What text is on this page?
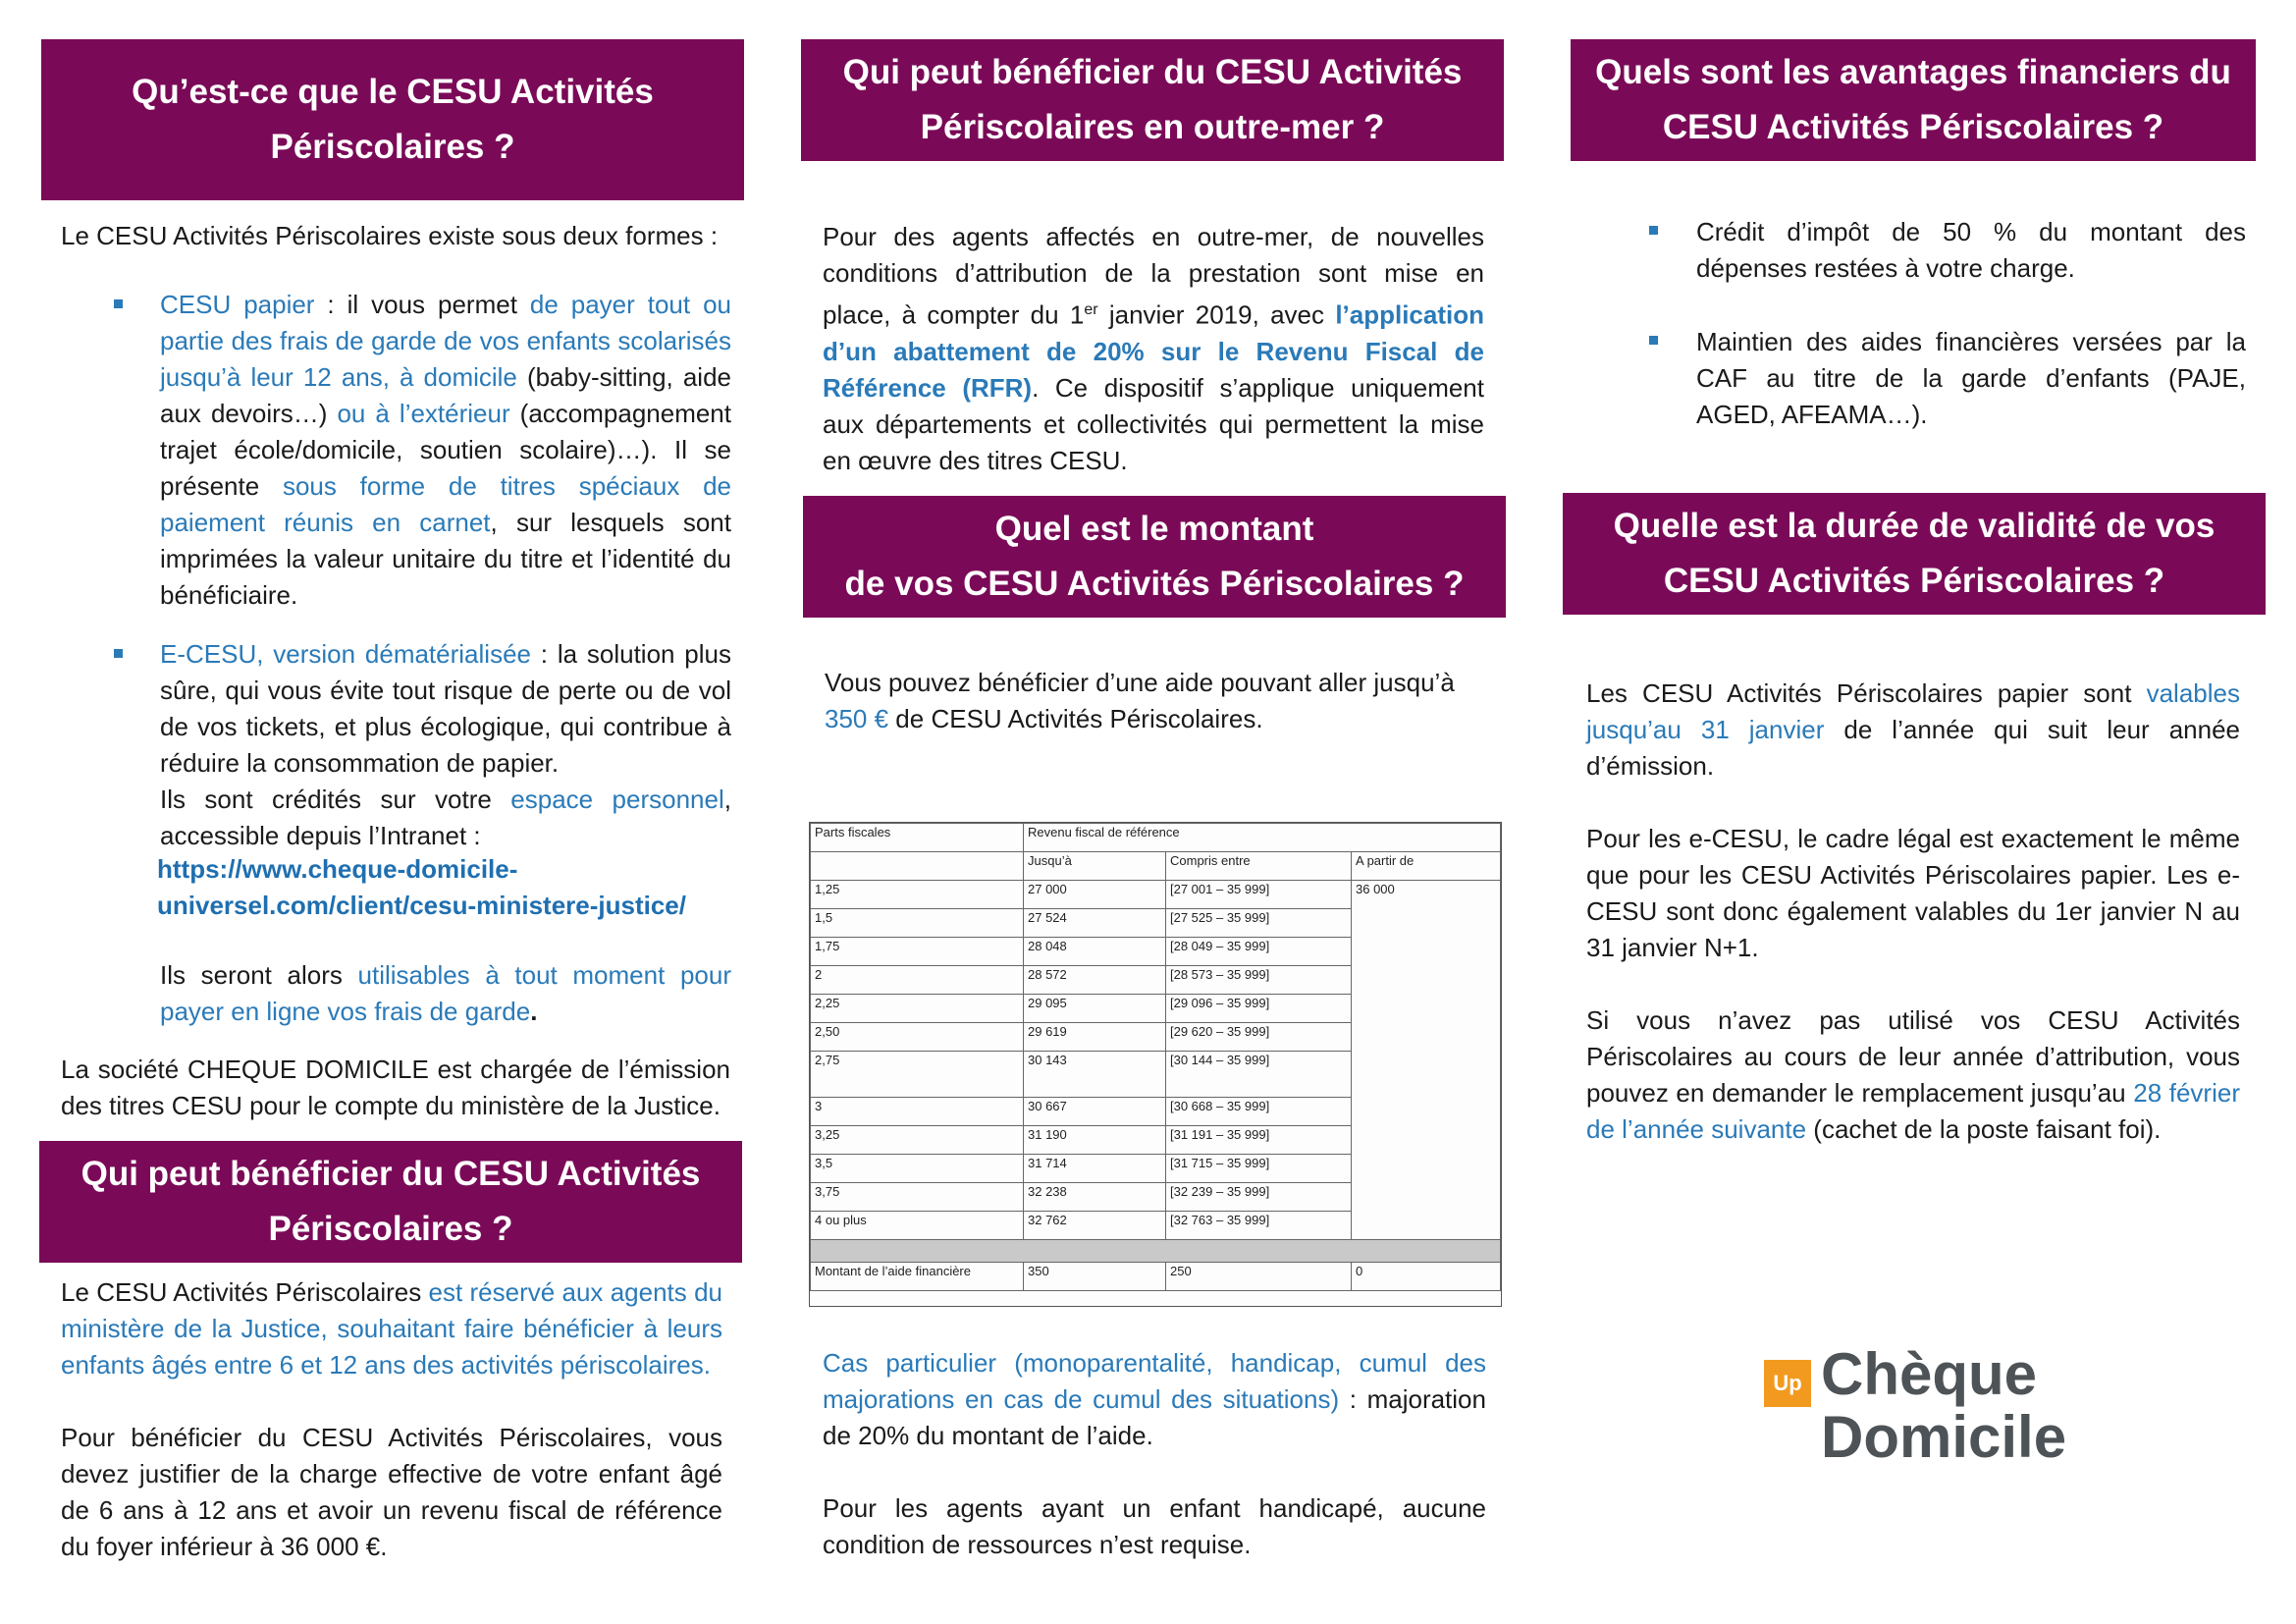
Qu’est-ce que le CESU Activités
Périscolaires ?

Le CESU Activités Périscolaires existe sous deux formes :

CESU papier : il vous permet de payer tout ou partie des frais de garde de vos enfants scolarisés jusqu’à leur 12 ans, à domicile (baby-sitting, aide aux devoirs…) ou à l’extérieur (accompagnement trajet école/domicile, soutien scolaire)…). Il se présente sous forme de titres spéciaux de paiement réunis en carnet, sur lesquels sont imprimées la valeur unitaire du titre et l’identité du bénéficiaire.

E-CESU, version dématérialisée : la solution plus sûre, qui vous évite tout risque de perte ou de vol de vos tickets, et plus écologique, qui contribue à réduire la consommation de papier.

Ils sont crédités sur votre espace personnel, accessible depuis l’Intranet :

https://www.cheque-domicile-
universel.com/client/cesu-ministere-justice/

Ils seront alors utilisables à tout moment pour payer en ligne vos frais de garde.

La société CHEQUE DOMICILE est chargée de l’émission des titres CESU pour le compte du ministère de la Justice.

Qui peut bénéficier du CESU Activités
Périscolaires ?

Le CESU Activités Périscolaires est réservé aux agents du ministère de la Justice, souhaitant faire bénéficier à leurs enfants âgés entre 6 et 12 ans des activités périscolaires.

Pour bénéficier du CESU Activités Périscolaires, vous devez justifier de la charge effective de votre enfant âgé de 6 ans à 12 ans et avoir un revenu fiscal de référence du foyer inférieur à 36 000 €.

Qui peut bénéficier du CESU Activités
Périscolaires en outre-mer ?

Pour des agents affectés en outre-mer, de nouvelles conditions d’attribution de la prestation sont mise en place, à compter du 1er janvier 2019, avec l’application d’un abattement de 20% sur le Revenu Fiscal de Référence (RFR). Ce dispositif s’applique uniquement aux départements et collectivités qui permettent la mise en œuvre des titres CESU.

Quel est le montant
de vos CESU Activités Périscolaires ?

Vous pouvez bénéficier d’une aide pouvant aller jusqu’à 350 € de CESU Activités Périscolaires.

Parts fiscales	Revenu fiscal de référence		
	Jusqu’à	Compris entre	A partir de
1,25	27 000	[27 001 – 35 999]	36 000
1,5	27 524	[27 525 – 35 999]	
1,75	28 048	[28 049 – 35 999]	
2	28 572	[28 573 – 35 999]	
2,25	29 095	[29 096 – 35 999]	
2,50	29 619	[29 620 – 35 999]	
2,75	30 143	[30 144 – 35 999]	
3	30 667	[30 668 – 35 999]	
3,25	31 190	[31 191 – 35 999]	
3,5	31 714	[31 715 – 35 999]	
3,75	32 238	[32 239 – 35 999]	
4 ou plus	32 762	[32 763 – 35 999]	

Montant de l’aide financière	350	250	0

Cas particulier (monoparentalité, handicap, cumul des majorations en cas de cumul des situations) : majoration de 20% du montant de l’aide.

Pour les agents ayant un enfant handicapé, aucune condition de ressources n’est requise.

Quels sont les avantages financiers du
CESU Activités Périscolaires ?

Crédit d’impôt de 50 % du montant des dépenses restées à votre charge.

Maintien des aides financières versées par la CAF au titre de la garde d’enfants (PAJE, AGED, AFEAMA…).

Quelle est la durée de validité de vos
CESU Activités Périscolaires ?

Les CESU Activités Périscolaires papier sont valables jusqu’au 31 janvier de l’année qui suit leur année d’émission.

Pour les e-CESU, le cadre légal est exactement le même que pour les CESU Activités Périscolaires papier. Les e-CESU sont donc également valables du 1er janvier N au 31 janvier N+1.

Si vous n’avez pas utilisé vos CESU Activités Périscolaires au cours de leur année d’attribution, vous pouvez en demander le remplacement jusqu’au 28 février de l’année suivante (cachet de la poste faisant foi).

Up Chèque
Domicile
